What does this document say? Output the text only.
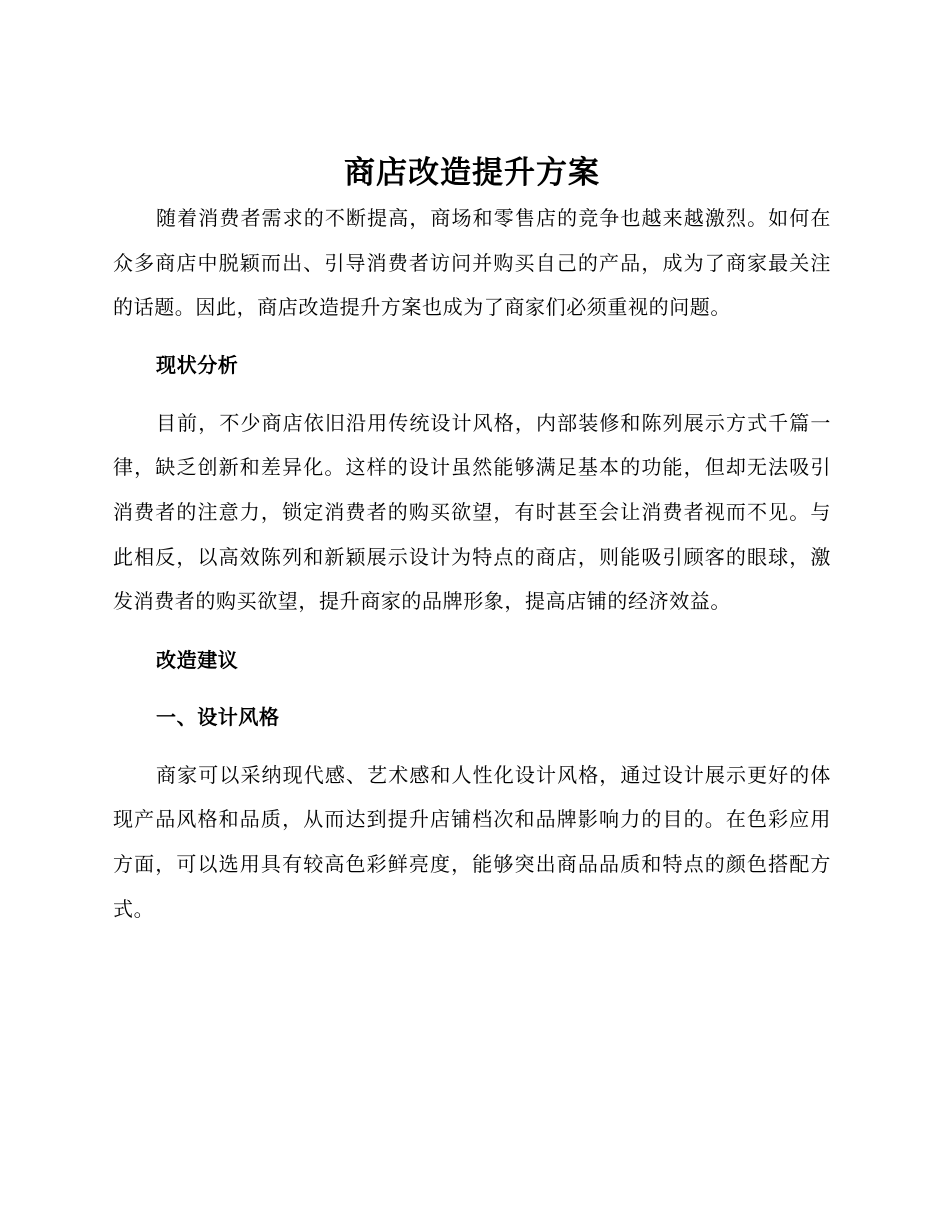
商店改造提升方案

随着消费者需求的不断提高，商场和零售店的竞争也越来越激烈。如何在众多商店中脱颖而出、引导消费者访问并购买自己的产品，成为了商家最关注的话题。因此，商店改造提升方案也成为了商家们必须重视的问题。

现状分析

目前，不少商店依旧沿用传统设计风格，内部装修和陈列展示方式千篇一律，缺乏创新和差异化。这样的设计虽然能够满足基本的功能，但却无法吸引消费者的注意力，锁定消费者的购买欲望，有时甚至会让消费者视而不见。与此相反，以高效陈列和新颖展示设计为特点的商店，则能吸引顾客的眼球，激发消费者的购买欲望，提升商家的品牌形象，提高店铺的经济效益。

改造建议
一、设计风格

商家可以采纳现代感、艺术感和人性化设计风格，通过设计展示更好的体现产品风格和品质，从而达到提升店铺档次和品牌影响力的目的。在色彩应用方面，可以选用具有较高色彩鲜亮度，能够突出商品品质和特点的颜色搭配方式。
